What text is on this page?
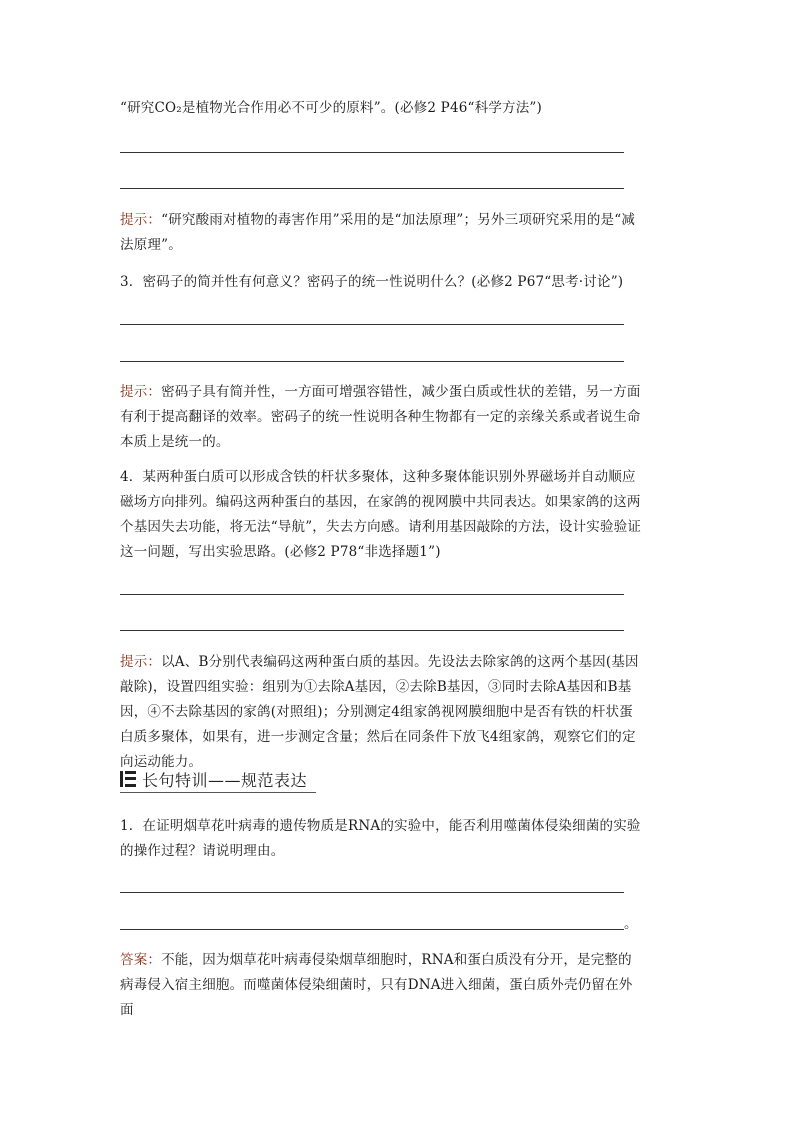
“研究CO₂是植物光合作用必不可少的原料”。(必修2 P46“科学方法”)
提示：“研究酸雨对植物的毒害作用”采用的是“加法原理”；另外三项研究采用的是“减法原理”。
3．密码子的简并性有何意义？密码子的统一性说明什么？(必修2 P67“思考·讨论”)
提示：密码子具有简并性，一方面可增强容错性，减少蛋白质或性状的差错，另一方面有利于提高翻译的效率。密码子的统一性说明各种生物都有一定的亲缘关系或者说生命本质上是统一的。
4．某两种蛋白质可以形成含铁的杆状多聚体，这种多聚体能识别外界磁场并自动顺应磁场方向排列。编码这两种蛋白的基因，在家鸽的视网膜中共同表达。如果家鸽的这两个基因失去功能，将无法“导航”，失去方向感。请利用基因敲除的方法，设计实验验证这一问题，写出实验思路。(必修2 P78“非选择题1”)
提示：以A、B分别代表编码这两种蛋白质的基因。先设法去除家鸽的这两个基因(基因敲除)，设置四组实验：组别为①去除A基因，②去除B基因，③同时去除A基因和B基因，④不去除基因的家鸽(对照组)；分别测定4组家鸽视网膜细胞中是否有铁的杆状蛋白质多聚体，如果有，进一步测定含量；然后在同条件下放飞4组家鸽，观察它们的定向运动能力。
长句特训——规范表达
1．在证明烟草花叶病毒的遗传物质是RNA的实验中，能否利用噬菌体侵染细菌的实验的操作过程？请说明理由。
。
答案：不能，因为烟草花叶病毒侵染烟草细胞时，RNA和蛋白质没有分开，是完整的病毒侵入宿主细胞。而噬菌体侵染细菌时，只有DNA进入细菌，蛋白质外壳仍留在外面
